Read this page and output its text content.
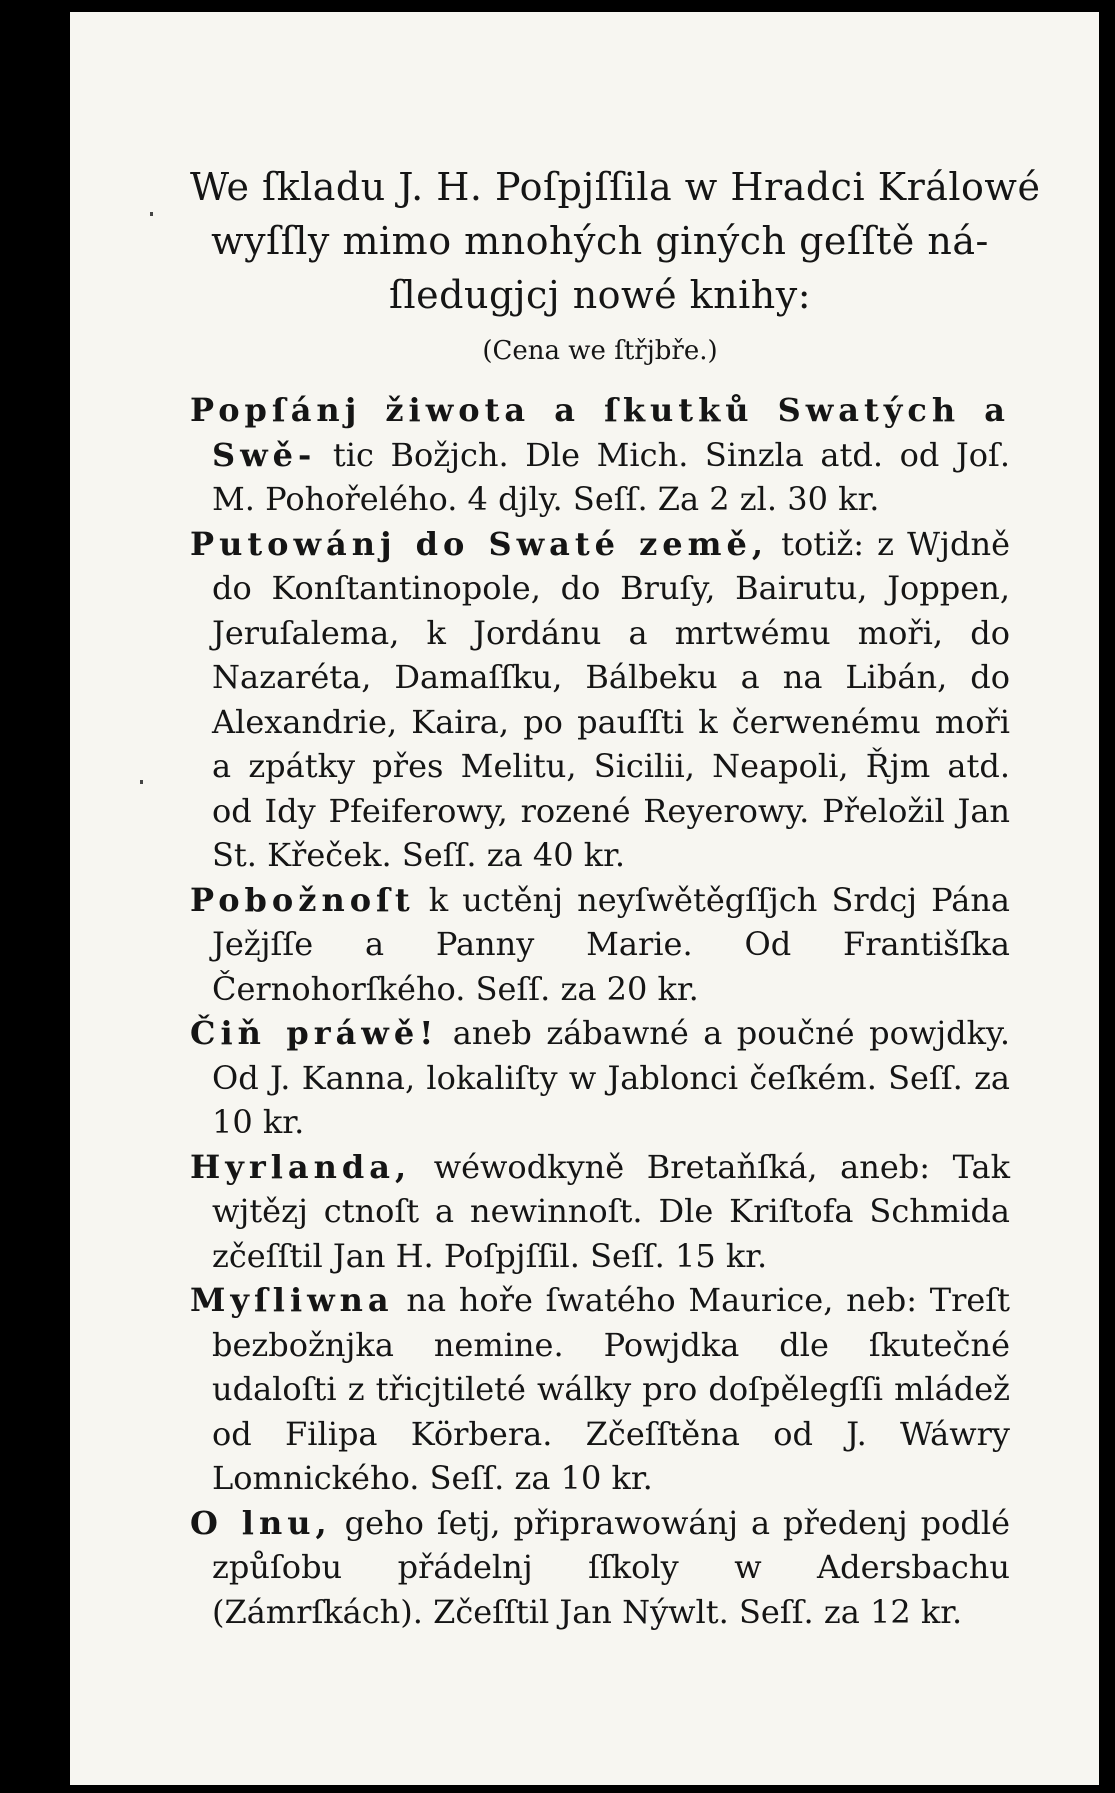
We ſkladu J. H. Poſpjſſila w Hradci Králowé
wyſſly mimo mnohých giných geſſtě ná-
ſledugjcj nowé knihy:
(Cena we ſtřjbře.)
Popſánj žiwota a ſkutků Swatých a Swě- tic Božjch. Dle Mich. Sinzla atd. od Joſ. M. Pohořelého. 4 djly. Seſſ. Za 2 zl. 30 kr.
Putowánj do Swaté země, totiž: z Wjdně do Konſtantinopole, do Bruſy, Bairutu, Joppen, Jeruſalema, k Jordánu a mrtwému moři, do Nazaréta, Damaſſku, Bálbeku a na Libán, do Alexandrie, Kaira, po pauſſti k čerwenému moři a zpátky přes Melitu, Sicilii, Neapoli, Řjm atd. od Idy Pfeiferowy, rozené Reyerowy. Přeložil Jan St. Křeček. Seſſ. za 40 kr.
Pobožnoſt k uctěnj neyſwětěgſſjch Srdcj Pána Ježjſſe a Panny Marie. Od Františſka Černohorſkého. Seſſ. za 20 kr.
Čiň práwě! aneb zábawné a poučné powjdky. Od J. Kanna, lokaliſty w Jablonci čeſkém. Seſſ. za 10 kr.
Hyrlanda, wéwodkyně Bretaňſká, aneb: Tak wjtězj ctnoſt a newinnoſt. Dle Kriſtofa Schmida zčeſſtil Jan H. Poſpjſſil. Seſſ. 15 kr.
Myſliwna na hoře ſwatého Maurice, neb: Treſt bezbožnjka nemine. Powjdka dle ſkutečné udaloſti z třicjtileté wálky pro doſpělegſſi mládež od Filipa Körbera. Zčeſſtěna od J. Wáwry Lomnického. Seſſ. za 10 kr.
O lnu, geho ſetj, připrawowánj a předenj podlé způſobu přádelnj ſſkoly w Adersbachu (Zámrſkách). Zčeſſtil Jan Nýwlt. Seſſ. za 12 kr.
